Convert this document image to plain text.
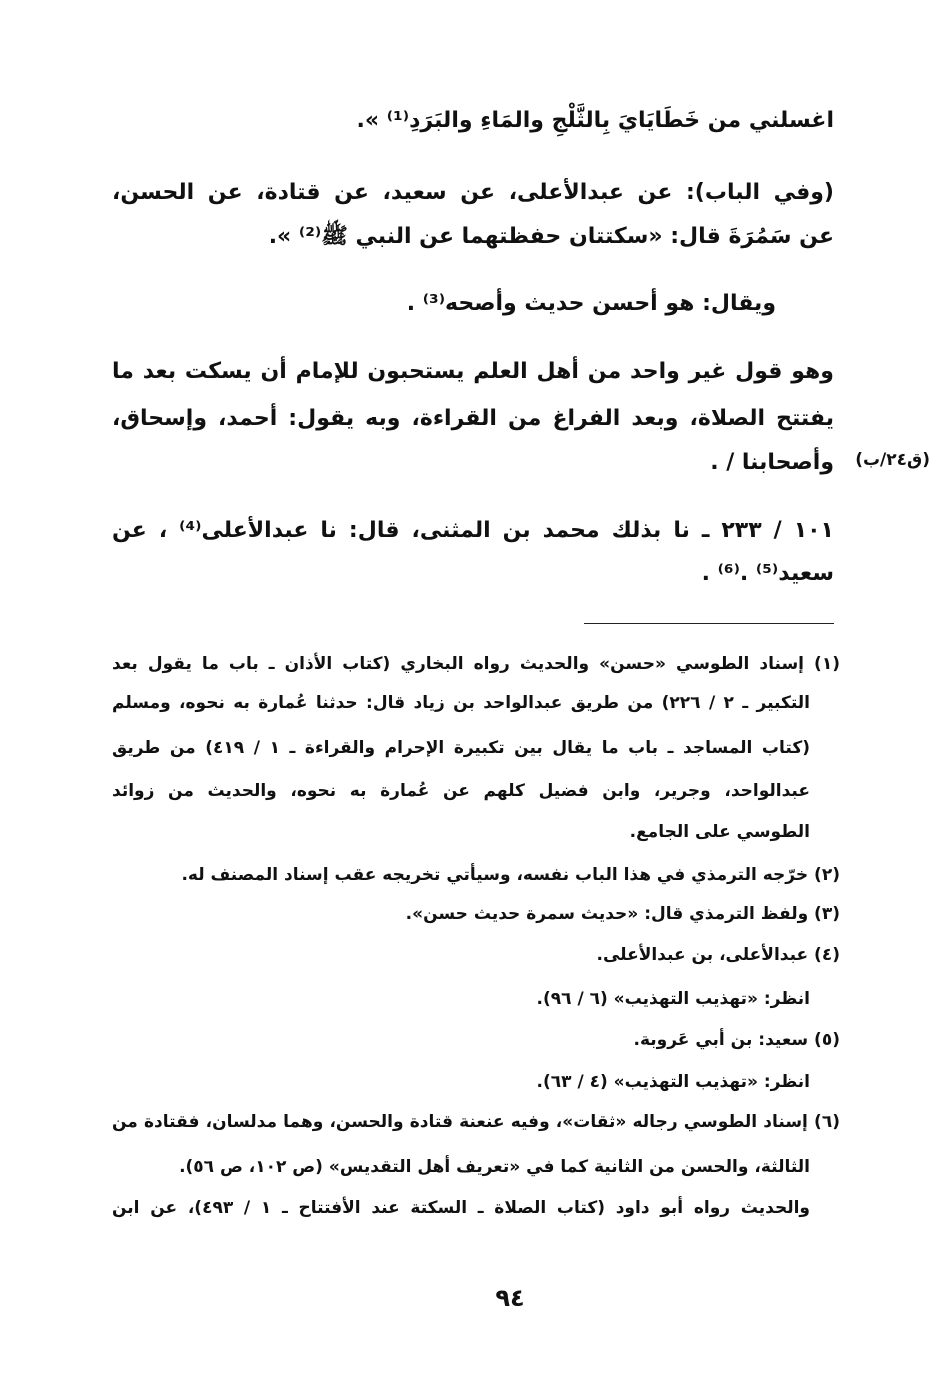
اغسلني من خَطَايَايَ بِالثَّلْجِ والمَاءِ والبَرَدِ⁽¹⁾ ».
(وفي الباب): عن عبدالأعلى، عن سعيد، عن قتادة، عن الحسن،
عن سَمُرَةَ قال: «سكتتان حفظتهما عن النبي ﷺ⁽²⁾ ».
ويقال: هو أحسن حديث وأصحه⁽³⁾ .
وهو قول غير واحد من أهل العلم يستحبون للإمام أن يسكت بعد ما
يفتتح الصلاة، وبعد الفراغ من القراءة، وبه يقول: أحمد، وإسحاق،
وأصحابنا / .	(ق٢٤/ب)
١٠١ / ٢٣٣ ـ نا بذلك محمد بن المثنى، قال: نا عبدالأعلى⁽⁴⁾ ، عن
سعيد⁽⁵⁾ .⁽⁶⁾ .
(١) إسناد الطوسي «حسن» والحديث رواه البخاري (كتاب الأذان ـ باب ما يقول بعد
التكبير ـ ٢ / ٢٢٦) من طريق عبدالواحد بن زياد قال: حدثنا عُمارة به نحوه، ومسلم
(كتاب المساجد ـ باب ما يقال بين تكبيرة الإحرام والقراءة ـ ١ / ٤١٩) من طريق
عبدالواحد، وجرير، وابن فضيل كلهم عن عُمارة به نحوه، والحديث من زوائد
الطوسي على الجامع.
(٢) خرّجه الترمذي في هذا الباب نفسه، وسيأتي تخريجه عقب إسناد المصنف له.
(٣) ولفظ الترمذي قال: «حديث سمرة حديث حسن».
(٤) عبدالأعلى، بن عبدالأعلى.
انظر: «تهذيب التهذيب» (٦ / ٩٦).
(٥) سعيد: بن أبي عَروبة.
انظر: «تهذيب التهذيب» (٤ / ٦٣).
(٦) إسناد الطوسي رجاله «ثقات»، وفيه عنعنة قتادة والحسن، وهما مدلسان، فقتادة من
الثالثة، والحسن من الثانية كما في «تعريف أهل التقديس» (ص ١٠٢، ص ٥٦).
والحديث رواه أبو داود (كتاب الصلاة ـ السكتة عند الأفتتاح ـ ١ / ٤٩٣)، عن ابن
٩٤
